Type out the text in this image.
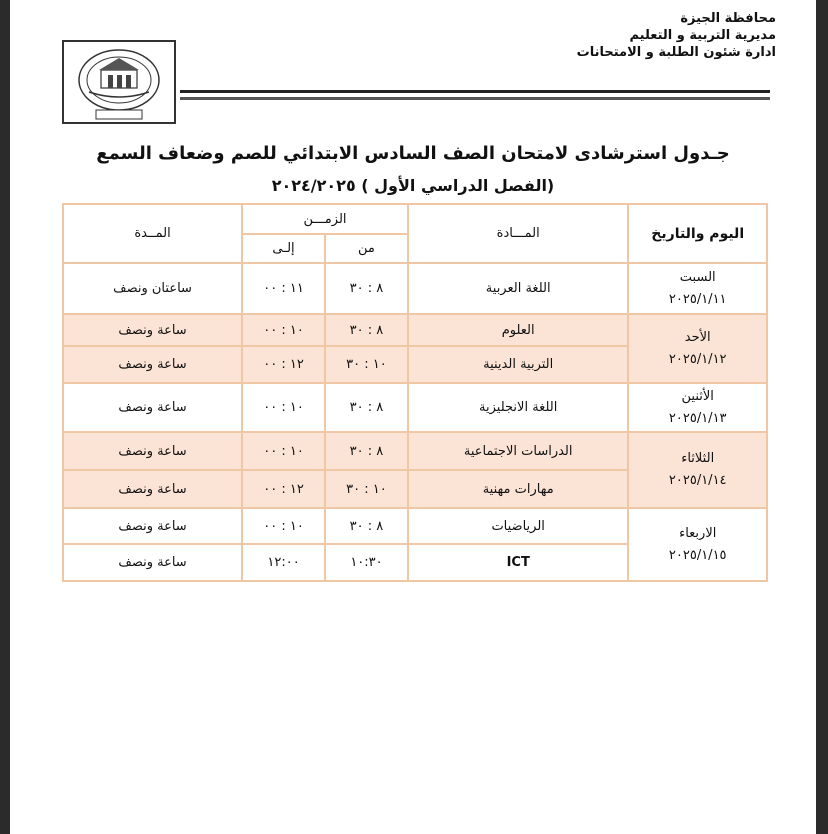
محافظة الجيزة
مديرية التربية و التعليم
ادارة شئون الطلبة و الامتحانات
جـدول استرشادى لامتحان الصف السادس الابتدائي للصم وضعاف السمع
(الفصل الدراسي الأول ) ٢٠٢٤/٢٠٢٥
اليوم والتاريخ	المـــادة	الزمـــن		المــدة
		من	إلـى	
السبت
٢٠٢٥/١/١١	اللغة العربية	٨ : ٣٠	١١ : ٠٠	ساعتان ونصف
الأحد
٢٠٢٥/١/١٢	العلوم	٨ : ٣٠	١٠ : ٠٠	ساعة ونصف
	التربية الدينية	١٠ : ٣٠	١٢ : ٠٠	ساعة ونصف
الأثنين
٢٠٢٥/١/١٣	اللغة الانجليزية	٨ : ٣٠	١٠ : ٠٠	ساعة ونصف
الثلاثاء
٢٠٢٥/١/١٤	الدراسات الاجتماعية	٨ : ٣٠	١٠ : ٠٠	ساعة ونصف
	مهارات مهنية	١٠ : ٣٠	١٢ : ٠٠	ساعة ونصف
الاربعاء
٢٠٢٥/١/١٥	الرياضيات	٨ : ٣٠	١٠ : ٠٠	ساعة ونصف
	ICT	١٠:٣٠	١٢:٠٠	ساعة ونصف
